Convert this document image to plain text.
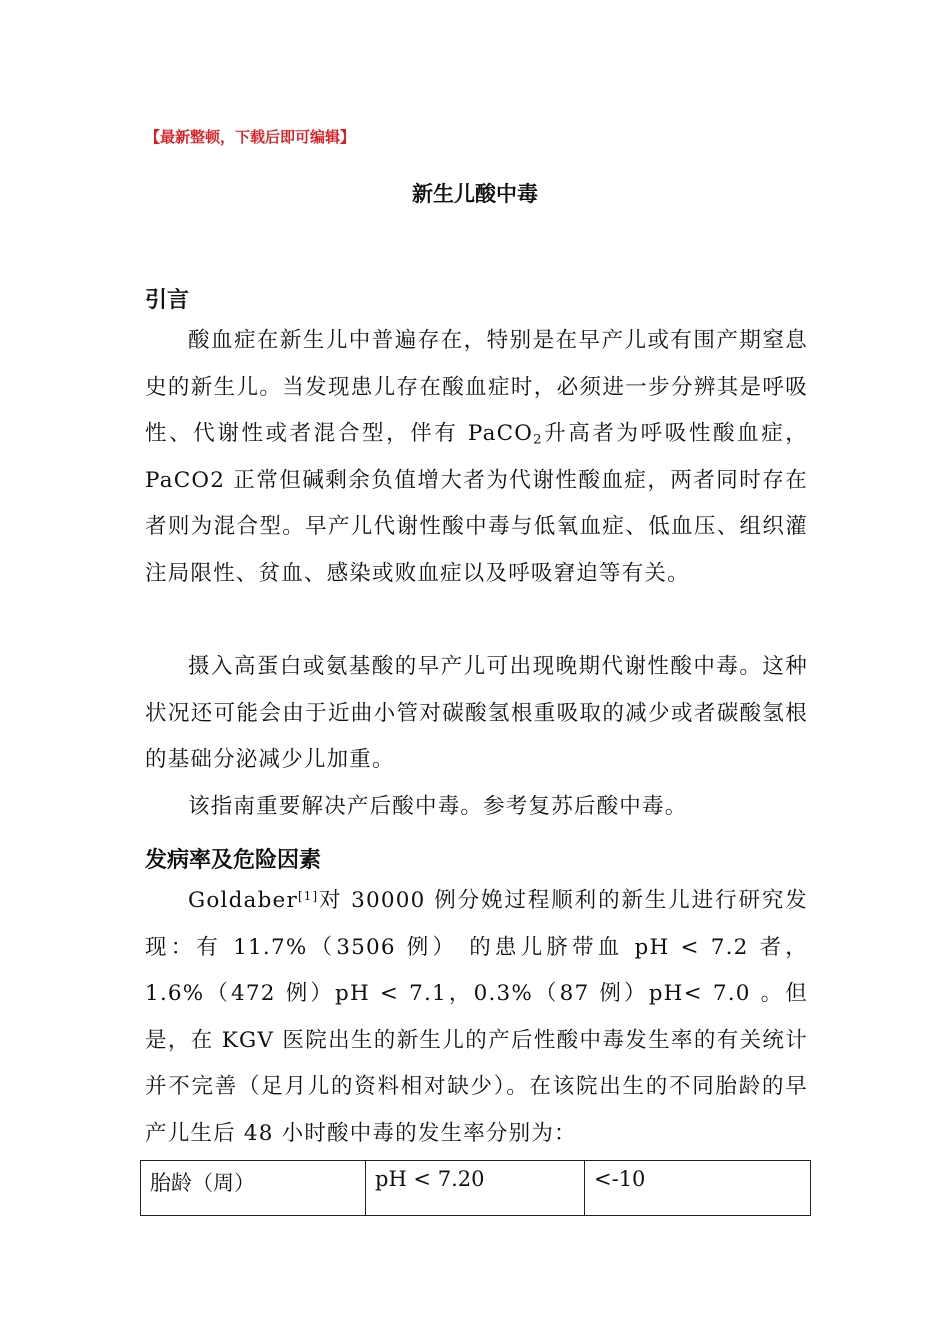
【最新整顿，下载后即可编辑】
新生儿酸中毒
引言

酸血症在新生儿中普遍存在，特别是在早产儿或有围产期窒息史的新生儿。当发现患儿存在酸血症时，必须进一步分辨其是呼吸性、代谢性或者混合型，伴有 PaCO$_2$升高者为呼吸性酸血症，PaCO2 正常但碱剩余负值增大者为代谢性酸血症，两者同时存在者则为混合型。早产儿代谢性酸中毒与低氧血症、低血压、组织灌注局限性、贫血、感染或败血症以及呼吸窘迫等有关。

摄入高蛋白或氨基酸的早产儿可出现晚期代谢性酸中毒。这种状况还可能会由于近曲小管对碳酸氢根重吸取的减少或者碳酸氢根的基础分泌减少儿加重。

该指南重要解决产后酸中毒。参考复苏后酸中毒。

发病率及危险因素

Goldaber[1]对 30000 例分娩过程顺利的新生儿进行研究发现：有 11.7%（3506 例） 的患儿脐带血 pH < 7.2 者， 1.6%（472 例）pH < 7.1，0.3%（87 例）pH< 7.0 。但是，在 KGV 医院出生的新生儿的产后性酸中毒发生率的有关统计并不完善（足月儿的资料相对缺少）。在该院出生的不同胎龄的早产儿生后 48 小时酸中毒的发生率分别为：

胎龄（周）	pH < 7.20	<-10
